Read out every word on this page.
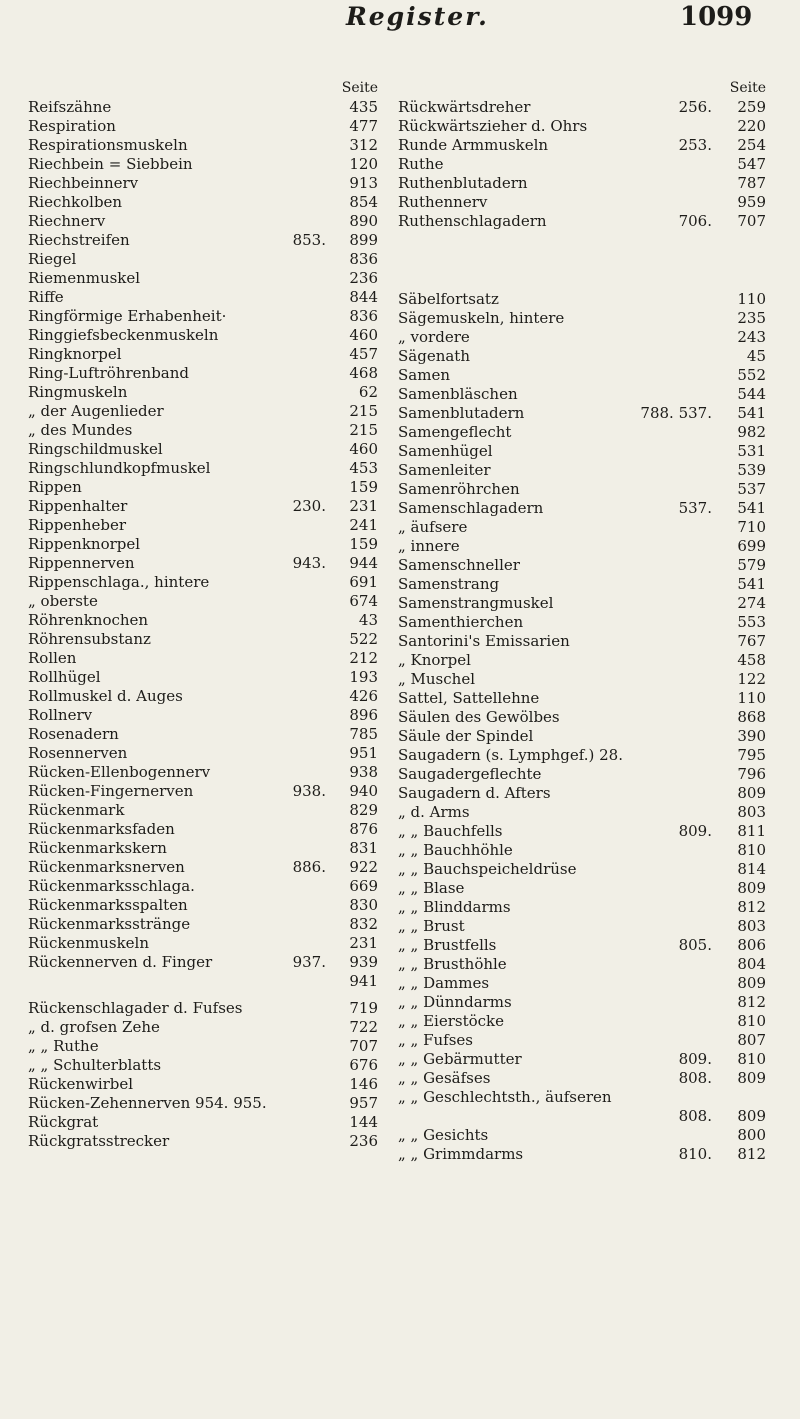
Register.	1099
Seite
Reifszähne	435
Respiration	477
Respirationsmuskeln	312
Riechbein = Siebbein	120
Riechbeinnerv	913
Riechkolben	854
Riechnerv	890
Riechstreifen	853.	899
Riegel	836
Riemenmuskel	236
Riffe	844
Ringförmige Erhabenheit·	836
Ringgiefsbeckenmuskeln	460
Ringknorpel	457
Ring-Luftröhrenband	468
Ringmuskeln	62
„ der Augenlieder	215
„ des Mundes	215
Ringschildmuskel	460
Ringschlundkopfmuskel	453
Rippen	159
Rippenhalter	230.	231
Rippenheber	241
Rippenknorpel	159
Rippennerven	943.	944
Rippenschlaga., hintere	691
„ oberste	674
Röhrenknochen	43
Röhrensubstanz	522
Rollen	212
Rollhügel	193
Rollmuskel d. Auges	426
Rollnerv	896
Rosenadern	785
Rosennerven	951
Rücken-Ellenbogennerv	938
Rücken-Fingernerven	938.	940
Rückenmark	829
Rückenmarksfaden	876
Rückenmarkskern	831
Rückenmarksnerven	886.	922
Rückenmarksschlaga.	669
Rückenmarksspalten	830
Rückenmarksstränge	832
Rückenmuskeln	231
Rückennerven d. Finger	937.	939
941
Rückenschlagader d. Fufses	719
„ d. grofsen Zehe	722
„ „ Ruthe	707
„ „ Schulterblatts	676
Rückenwirbel	146
Rücken-Zehennerven 954. 955.	957
Rückgrat	144
Rückgratsstrecker	236
Seite
Rückwärtsdreher	256.	259
Rückwärtszieher d. Ohrs	220
Runde Armmuskeln	253.	254
Ruthe	547
Ruthenblutadern	787
Ruthennerv	959
Ruthenschlagadern	706.	707
Säbelfortsatz	110
Sägemuskeln, hintere	235
„ vordere	243
Sägenath	45
Samen	552
Samenbläschen	544
Samenblutadern	788. 537.	541
Samengeflecht	982
Samenhügel	531
Samenleiter	539
Samenröhrchen	537
Samenschlagadern	537.	541
„ äufsere	710
„ innere	699
Samenschneller	579
Samenstrang	541
Samenstrangmuskel	274
Samenthierchen	553
Santorini's Emissarien	767
„ Knorpel	458
„ Muschel	122
Sattel, Sattellehne	110
Säulen des Gewölbes	868
Säule der Spindel	390
Saugadern (s. Lymphgef.) 28.	795
Saugadergeflechte	796
Saugadern d. Afters	809
„ d. Arms	803
„ „ Bauchfells	809.	811
„ „ Bauchhöhle	810
„ „ Bauchspeicheldrüse	814
„ „ Blase	809
„ „ Blinddarms	812
„ „ Brust	803
„ „ Brustfells	805.	806
„ „ Brusthöhle	804
„ „ Dammes	809
„ „ Dünndarms	812
„ „ Eierstöcke	810
„ „ Fufses	807
„ „ Gebärmutter	809.	810
„ „ Gesäfses	808.	809
„ „ Geschlechtsth., äufseren
808.	809
„ „ Gesichts	800
„ „ Grimmdarms	810.	812
